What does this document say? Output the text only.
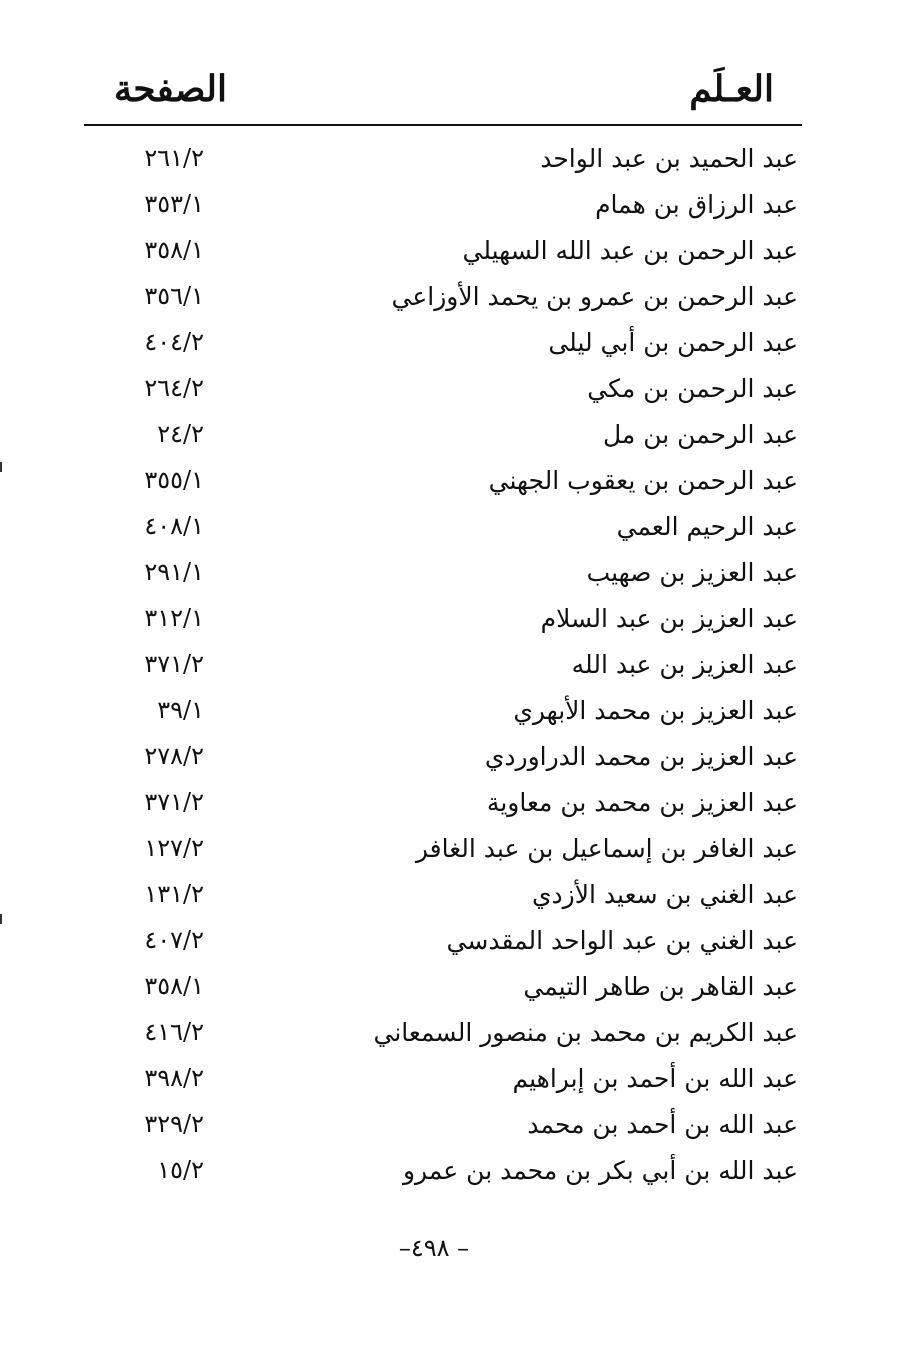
العـلَم
الصفحة
عبد الحميد بن عبد الواحد
٢٦١/٢
عبد الرزاق بن همام
٣٥٣/١
عبد الرحمن بن عبد الله السهيلي
٣٥٨/١
عبد الرحمن بن عمرو بن يحمد الأوزاعي
٣٥٦/١
عبد الرحمن بن أبي ليلى
٤٠٤/٢
عبد الرحمن بن مكي
٢٦٤/٢
عبد الرحمن بن مل
٢٤/٢
عبد الرحمن بن يعقوب الجهني
٣٥٥/١
عبد الرحيم العمي
٤٠٨/١
عبد العزيز بن صهيب
٢٩١/١
عبد العزيز بن عبد السلام
٣١٢/١
عبد العزيز بن عبد الله
٣٧١/٢
عبد العزيز بن محمد الأبهري
٣٩/١
عبد العزيز بن محمد الدراوردي
٢٧٨/٢
عبد العزيز بن محمد بن معاوية
٣٧١/٢
عبد الغافر بن إسماعيل بن عبد الغافر
١٢٧/٢
عبد الغني بن سعيد الأزدي
١٣١/٢
عبد الغني بن عبد الواحد المقدسي
٤٠٧/٢
عبد القاهر بن طاهر التيمي
٣٥٨/١
عبد الكريم بن محمد بن منصور السمعاني
٤١٦/٢
عبد الله بن أحمد بن إبراهيم
٣٩٨/٢
عبد الله بن أحمد بن محمد
٣٢٩/٢
عبد الله بن أبي بكر بن محمد بن عمرو
١٥/٢
– ٤٩٨–
